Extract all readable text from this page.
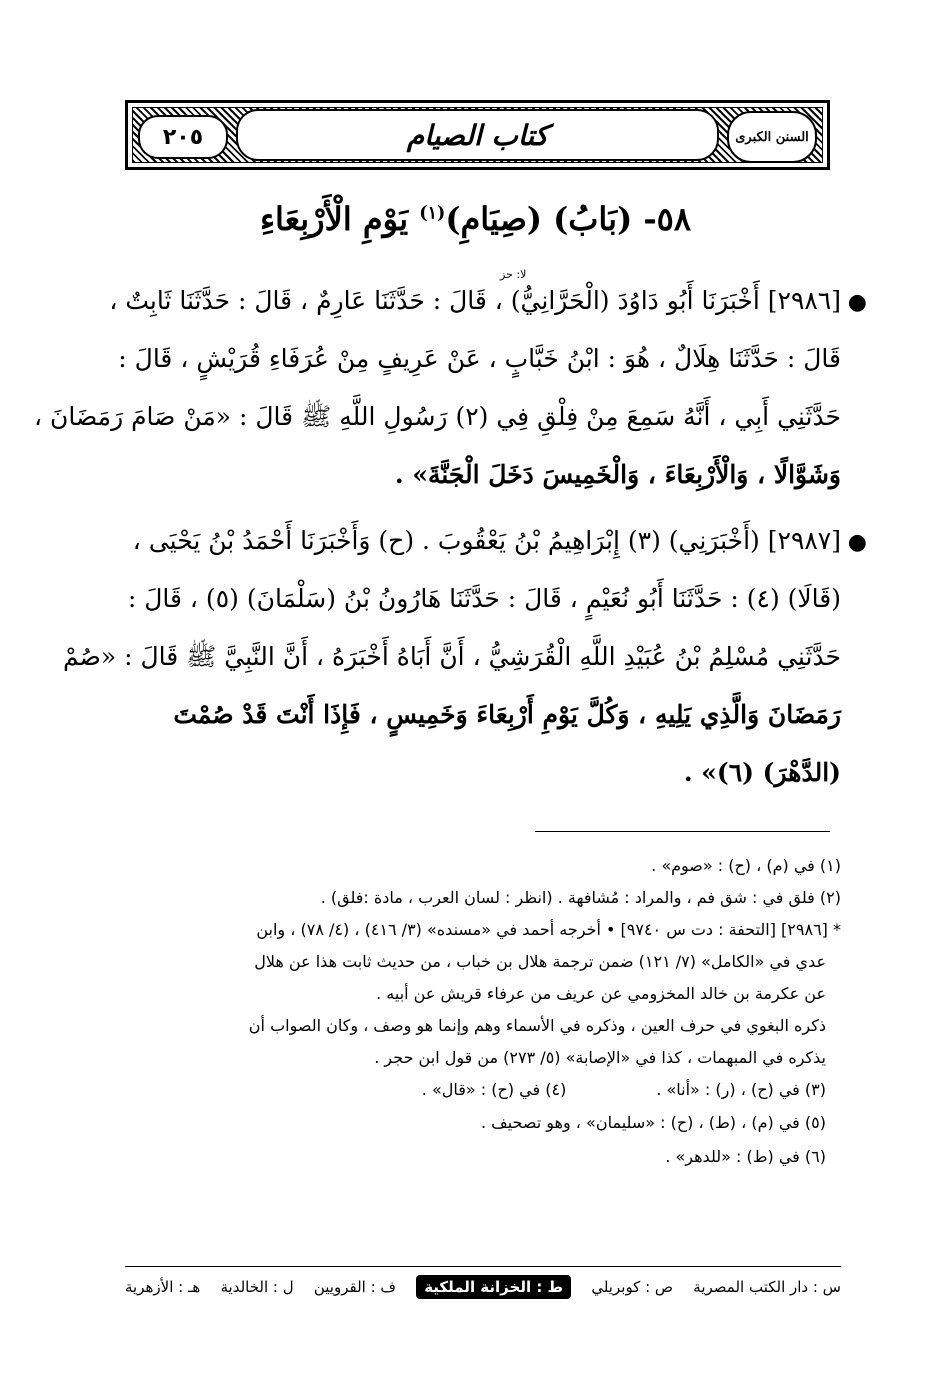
السنن الكبرى
كتاب الصيام
٢٠٥
٥٨- (بَابُ) (صِيَامِ)$^{(١)}$ يَوْمِ الْأَرْبِعَاءِ
لا: حز
●
[٢٩٨٦] أَخْبَرَنَا أَبُو دَاوُدَ (الْحَرَّانِيُّ) ، قَالَ : حَدَّثَنَا عَارِمٌ ، قَالَ : حَدَّثَنَا ثَابِتٌ ،
قَالَ : حَدَّثَنَا هِلَالٌ ، هُوَ : ابْنُ خَبَّابٍ ، عَنْ عَرِيفٍ مِنْ عُرَفَاءِ قُرَيْشٍ ، قَالَ :
حَدَّثَنِي أَبِي ، أَنَّهُ سَمِعَ مِنْ فِلْقِ فِي (٢) رَسُولِ اللَّهِ ﷺ قَالَ : «مَنْ صَامَ رَمَضَانَ ،
وَشَوَّالًا ، وَالْأَرْبِعَاءَ ، وَالْخَمِيسَ دَخَلَ الْجَنَّةَ» .
●
[٢٩٨٧] (أَخْبَرَنِي) (٣) إِبْرَاهِيمُ بْنُ يَعْقُوبَ . (ح) وَأَخْبَرَنَا أَحْمَدُ بْنُ يَحْيَى ،
(قَالَا) (٤) : حَدَّثَنَا أَبُو نُعَيْمٍ ، قَالَ : حَدَّثَنَا هَارُونُ بْنُ (سَلْمَانَ) (٥) ، قَالَ :
حَدَّثَنِي مُسْلِمُ بْنُ عُبَيْدِ اللَّهِ الْقُرَشِيُّ ، أَنَّ أَبَاهُ أَخْبَرَهُ ، أَنَّ النَّبِيَّ ﷺ قَالَ : «صُمْ
رَمَضَانَ وَالَّذِي يَلِيهِ ، وَكُلَّ يَوْمِ أَرْبِعَاءَ وَخَمِيسٍ ، فَإِذَا أَنْتَ قَدْ صُمْتَ
(الدَّهْرَ) (٦)» .
(١) في (م) ، (ح) : «صوم» .
(٢) فلق في : شق فم ، والمراد : مُشافهة . (انظر : لسان العرب ، مادة :فلق) .
* [٢٩٨٦] [التحفة : دت س ٩٧٤٠] • أخرجه أحمد في «مسنده» (٣/ ٤١٦) ، (٤/ ٧٨) ، وابن
عدي في «الكامل» (٧/ ١٢١) ضمن ترجمة هلال بن خباب ، من حديث ثابت هذا عن هلال
عن عكرمة بن خالد المخزومي عن عريف من عرفاء قريش عن أبيه .
ذكره البغوي في حرف العين ، وذكره في الأسماء وهم وإنما هو وصف ، وكان الصواب أن
يذكره في المبهمات ، كذا في «الإصابة» (٥/ ٢٧٣) من قول ابن حجر .
(٣) في (ح) ، (ر) : «أنا» .
(٤) في (ح) : «قال» .
(٥) في (م) ، (ط) ، (ح) : «سليمان» ، وهو تصحيف .
(٦) في (ط) : «للدهر» .
س : دار الكتب المصرية
ص : كوبريلي
ط : الخزانة الملكية
ف : القرويين
ل : الخالدية
هـ : الأزهرية
